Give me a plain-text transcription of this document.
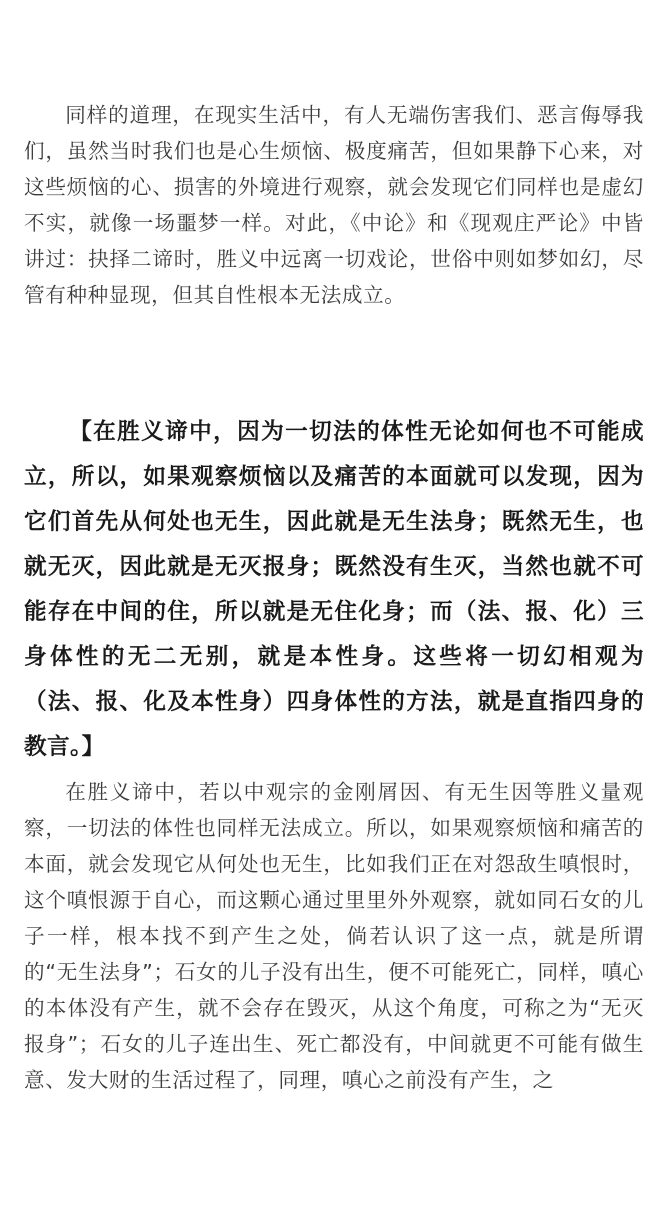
同样的道理，在现实生活中，有人无端伤害我们、恶言侮辱我们，虽然当时我们也是心生烦恼、极度痛苦，但如果静下心来，对这些烦恼的心、损害的外境进行观察，就会发现它们同样也是虚幻不实，就像一场噩梦一样。对此，《中论》和《现观庄严论》中皆讲过：抉择二谛时，胜义中远离一切戏论，世俗中则如梦如幻，尽管有种种显现，但其自性根本无法成立。

【在胜义谛中，因为一切法的体性无论如何也不可能成立，所以，如果观察烦恼以及痛苦的本面就可以发现，因为它们首先从何处也无生，因此就是无生法身；既然无生，也就无灭，因此就是无灭报身；既然没有生灭，当然也就不可能存在中间的住，所以就是无住化身；而（法、报、化）三身体性的无二无别，就是本性身。这些将一切幻相观为（法、报、化及本性身）四身体性的方法，就是直指四身的教言。】

在胜义谛中，若以中观宗的金刚屑因、有无生因等胜义量观察，一切法的体性也同样无法成立。所以，如果观察烦恼和痛苦的本面，就会发现它从何处也无生，比如我们正在对怨敌生嗔恨时，这个嗔恨源于自心，而这颗心通过里里外外观察，就如同石女的儿子一样，根本找不到产生之处，倘若认识了这一点，就是所谓的“无生法身”；石女的儿子没有出生，便不可能死亡，同样，嗔心的本体没有产生，就不会存在毁灭，从这个角度，可称之为“无灭报身”；石女的儿子连出生、死亡都没有，中间就更不可能有做生意、发大财的生活过程了，同理，嗔心之前没有产生，之
